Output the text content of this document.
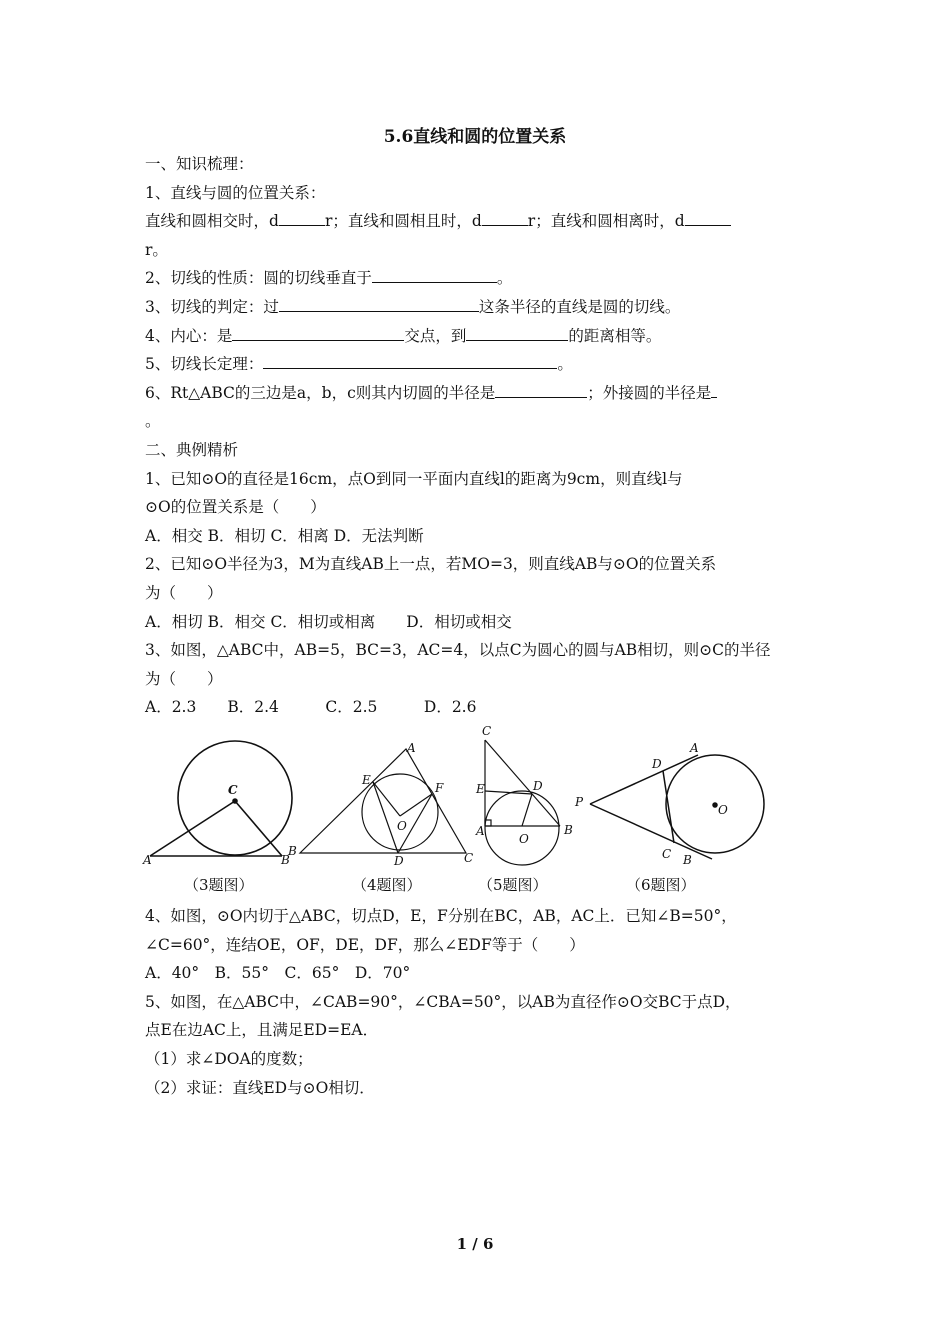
5.6直线和圆的位置关系
一、知识梳理：
1、直线与圆的位置关系：
直线和圆相交时，d	r；直线和圆相且时，d	r；直线和圆相离时，d
r。
2、切线的性质：圆的切线垂直于	。
3、切线的判定：过	这条半径的直线是圆的切线。
4、内心：是	交点，到	的距离相等。
5、切线长定理：	。
6、Rt△ABC的三边是a，b，c则其内切圆的半径是	；外接圆的半径是
。
二、典例精析
1、已知⊙O的直径是16cm，点O到同一平面内直线l的距离为9cm，则直线l与
⊙O的位置关系是（　　）
A．相交 B．相切 C．相离 D．无法判断
2、已知⊙O半径为3，M为直线AB上一点，若MO=3，则直线AB与⊙O的位置关系
为（　　）
A．相切 B．相交 C．相切或相离　　D．相切或相交
3、如图，△ABC中，AB=5，BC=3，AC=4，以点C为圆心的圆与AB相切，则⊙C的半径
为（　　）
A．2.3　　B．2.4　　　C．2.5　　　D．2.6
C
A	B
A
E
F
O
B
D	C
C
E	D
A
O
B
A
D
P
O
C B
（3题图）	（4题图）	（5题图）	（6题图）
4、如图，⊙O内切于△ABC，切点D，E，F分别在BC，AB，AC上．已知∠B=50°，
∠C=60°，连结OE，OF，DE，DF，那么∠EDF等于（　　）
A．40°　B．55°　C．65°　D．70°
5、如图，在△ABC中，∠CAB=90°，∠CBA=50°，以AB为直径作⊙O交BC于点D，
点E在边AC上，且满足ED=EA．
（1）求∠DOA的度数；
（2）求证：直线ED与⊙O相切．
1 / 6
